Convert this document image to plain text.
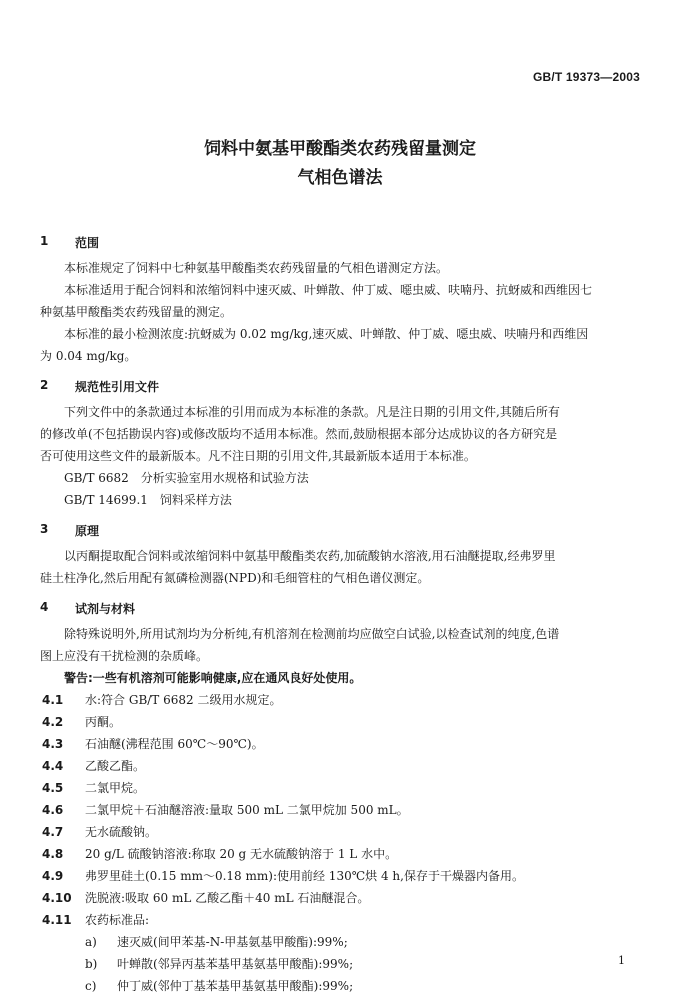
GB/T 19373—2003
饲料中氨基甲酸酯类农药残留量测定
气相色谱法
1 范围
本标准规定了饲料中七种氨基甲酸酯类农药残留量的气相色谱测定方法。
本标准适用于配合饲料和浓缩饲料中速灭威、叶蝉散、仲丁威、噁虫威、呋喃丹、抗蚜威和西维因七
种氨基甲酸酯类农药残留量的测定。
本标准的最小检测浓度:抗蚜威为 0.02 mg/kg,速灭威、叶蝉散、仲丁威、噁虫威、呋喃丹和西维因
为 0.04 mg/kg。
2 规范性引用文件
下列文件中的条款通过本标准的引用而成为本标准的条款。凡是注日期的引用文件,其随后所有
的修改单(不包括勘误内容)或修改版均不适用本标准。然而,鼓励根据本部分达成协议的各方研究是
否可使用这些文件的最新版本。凡不注日期的引用文件,其最新版本适用于本标准。
GB/T 6682　分析实验室用水规格和试验方法
GB/T 14699.1　饲料采样方法
3 原理
以丙酮提取配合饲料或浓缩饲料中氨基甲酸酯类农药,加硫酸钠水溶液,用石油醚提取,经弗罗里
硅土柱净化,然后用配有氮磷检测器(NPD)和毛细管柱的气相色谱仪测定。
4 试剂与材料
除特殊说明外,所用试剂均为分析纯,有机溶剂在检测前均应做空白试验,以检查试剂的纯度,色谱
图上应没有干扰检测的杂质峰。
警告:一些有机溶剂可能影响健康,应在通风良好处使用。
4.1 水:符合 GB/T 6682 二级用水规定。
4.2 丙酮。
4.3 石油醚(沸程范围 60℃～90℃)。
4.4 乙酸乙酯。
4.5 二氯甲烷。
4.6 二氯甲烷＋石油醚溶液:量取 500 mL 二氯甲烷加 500 mL。
4.7 无水硫酸钠。
4.8 20 g/L 硫酸钠溶液:称取 20 g 无水硫酸钠溶于 1 L 水中。
4.9 弗罗里硅土(0.15 mm～0.18 mm):使用前经 130℃烘 4 h,保存于干燥器内备用。
4.10 洗脱液:吸取 60 mL 乙酸乙酯＋40 mL 石油醚混合。
4.11 农药标准品:
a) 速灭威(间甲苯基-N-甲基氨基甲酸酯):99%;
b) 叶蝉散(邻异丙基苯基甲基氨基甲酸酯):99%;
c) 仲丁威(邻仲丁基苯基甲基氨基甲酸酯):99%;
1
